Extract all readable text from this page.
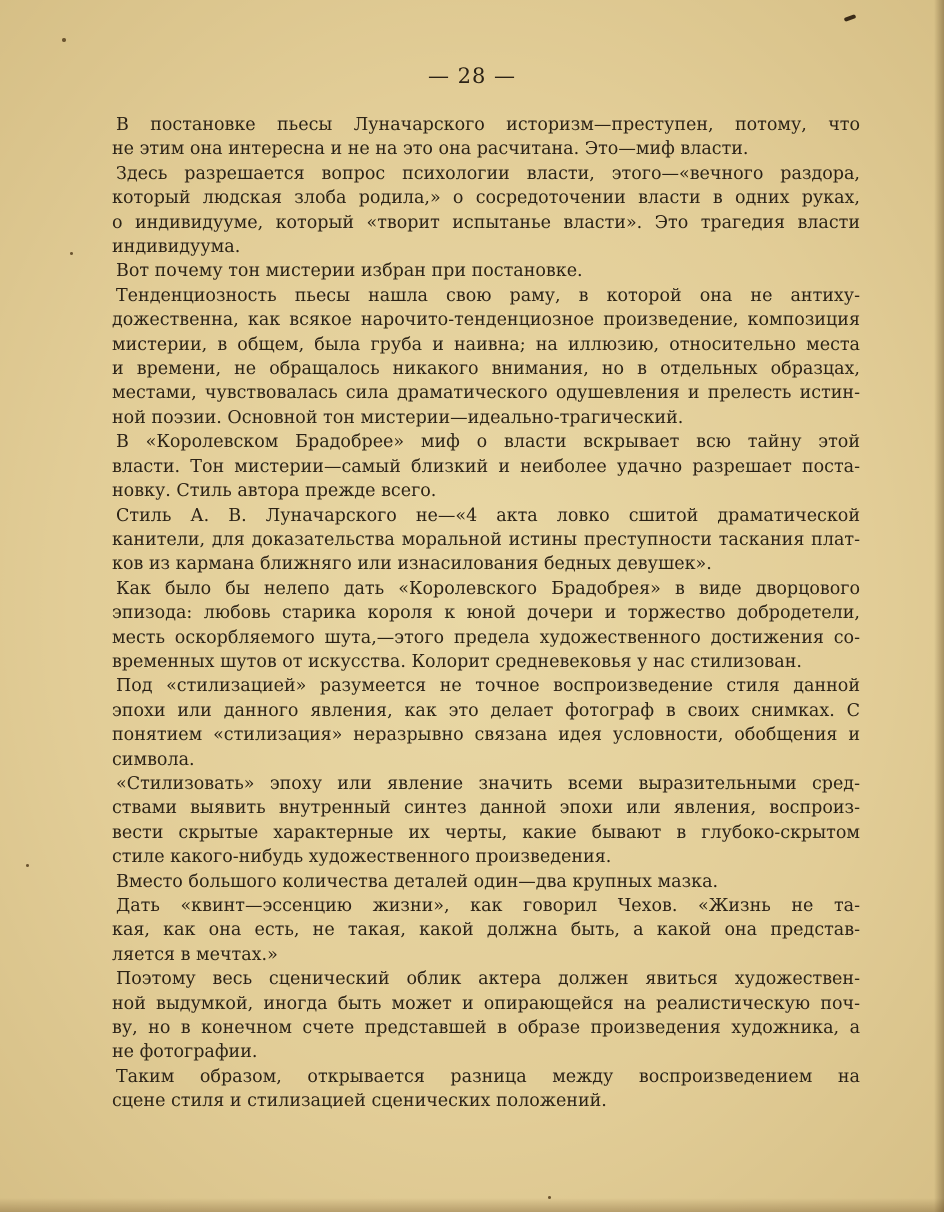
— 28 —
В постановке пьесы Луначарского историзм—преступен, потому, что
не этим она интересна и не на это она расчитана. Это—миф власти.
Здесь разрешается вопрос психологии власти, этого—«вечного раздора,
который людская злоба родила,» о сосредоточении власти в одних руках,
о индивидууме, который «творит испытанье власти». Это трагедия власти
индивидуума.
Вот почему тон мистерии избран при постановке.
Тенденциозность пьесы нашла свою раму, в которой она не антиху-
дожественна, как всякое нарочито-тенденциозное произведение, композиция
мистерии, в общем, была груба и наивна; на иллюзию, относительно места
и времени, не обращалось никакого внимания, но в отдельных образцах,
местами, чувствовалась сила драматического одушевления и прелесть истин-
ной поэзии. Основной тон мистерии—идеально-трагический.
В «Королевском Брадобрее» миф о власти вскрывает всю тайну этой
власти. Тон мистерии—самый близкий и неиболее удачно разрешает поста-
новку. Стиль автора прежде всего.
Стиль А. В. Луначарского не—«4 акта ловко сшитой драматической
канители, для доказательства моральной истины преступности таскания плат-
ков из кармана ближняго или изнасилования бедных девушек».
Как было бы нелепо дать «Королевского Брадобрея» в виде дворцового
эпизода: любовь старика короля к юной дочери и торжество добродетели,
месть оскорбляемого шута,—этого предела художественного достижения со-
временных шутов от искусства. Колорит средневековья у нас стилизован.
Под «стилизацией» разумеется не точное воспроизведение стиля данной
эпохи или данного явления, как это делает фотограф в своих снимках. С
понятием «стилизация» неразрывно связана идея условности, обобщения и
символа.
«Стилизовать» эпоху или явление значить всеми выразительными сред-
ствами выявить внутренный синтез данной эпохи или явления, воспроиз-
вести скрытые характерные их черты, какие бывают в глубоко-скрытом
стиле какого-нибудь художественного произведения.
Вместо большого количества деталей один—два крупных мазка.
Дать «квинт—эссенцию жизни», как говорил Чехов. «Жизнь не та-
кая, как она есть, не такая, какой должна быть, а какой она представ-
ляется в мечтах.»
Поэтому весь сценический облик актера должен явиться художествен-
ной выдумкой, иногда быть может и опирающейся на реалистическую поч-
ву, но в конечном счете представшей в образе произведения художника, а
не фотографии.
Таким образом, открывается разница между воспроизведением на
сцене стиля и стилизацией сценических положений.
